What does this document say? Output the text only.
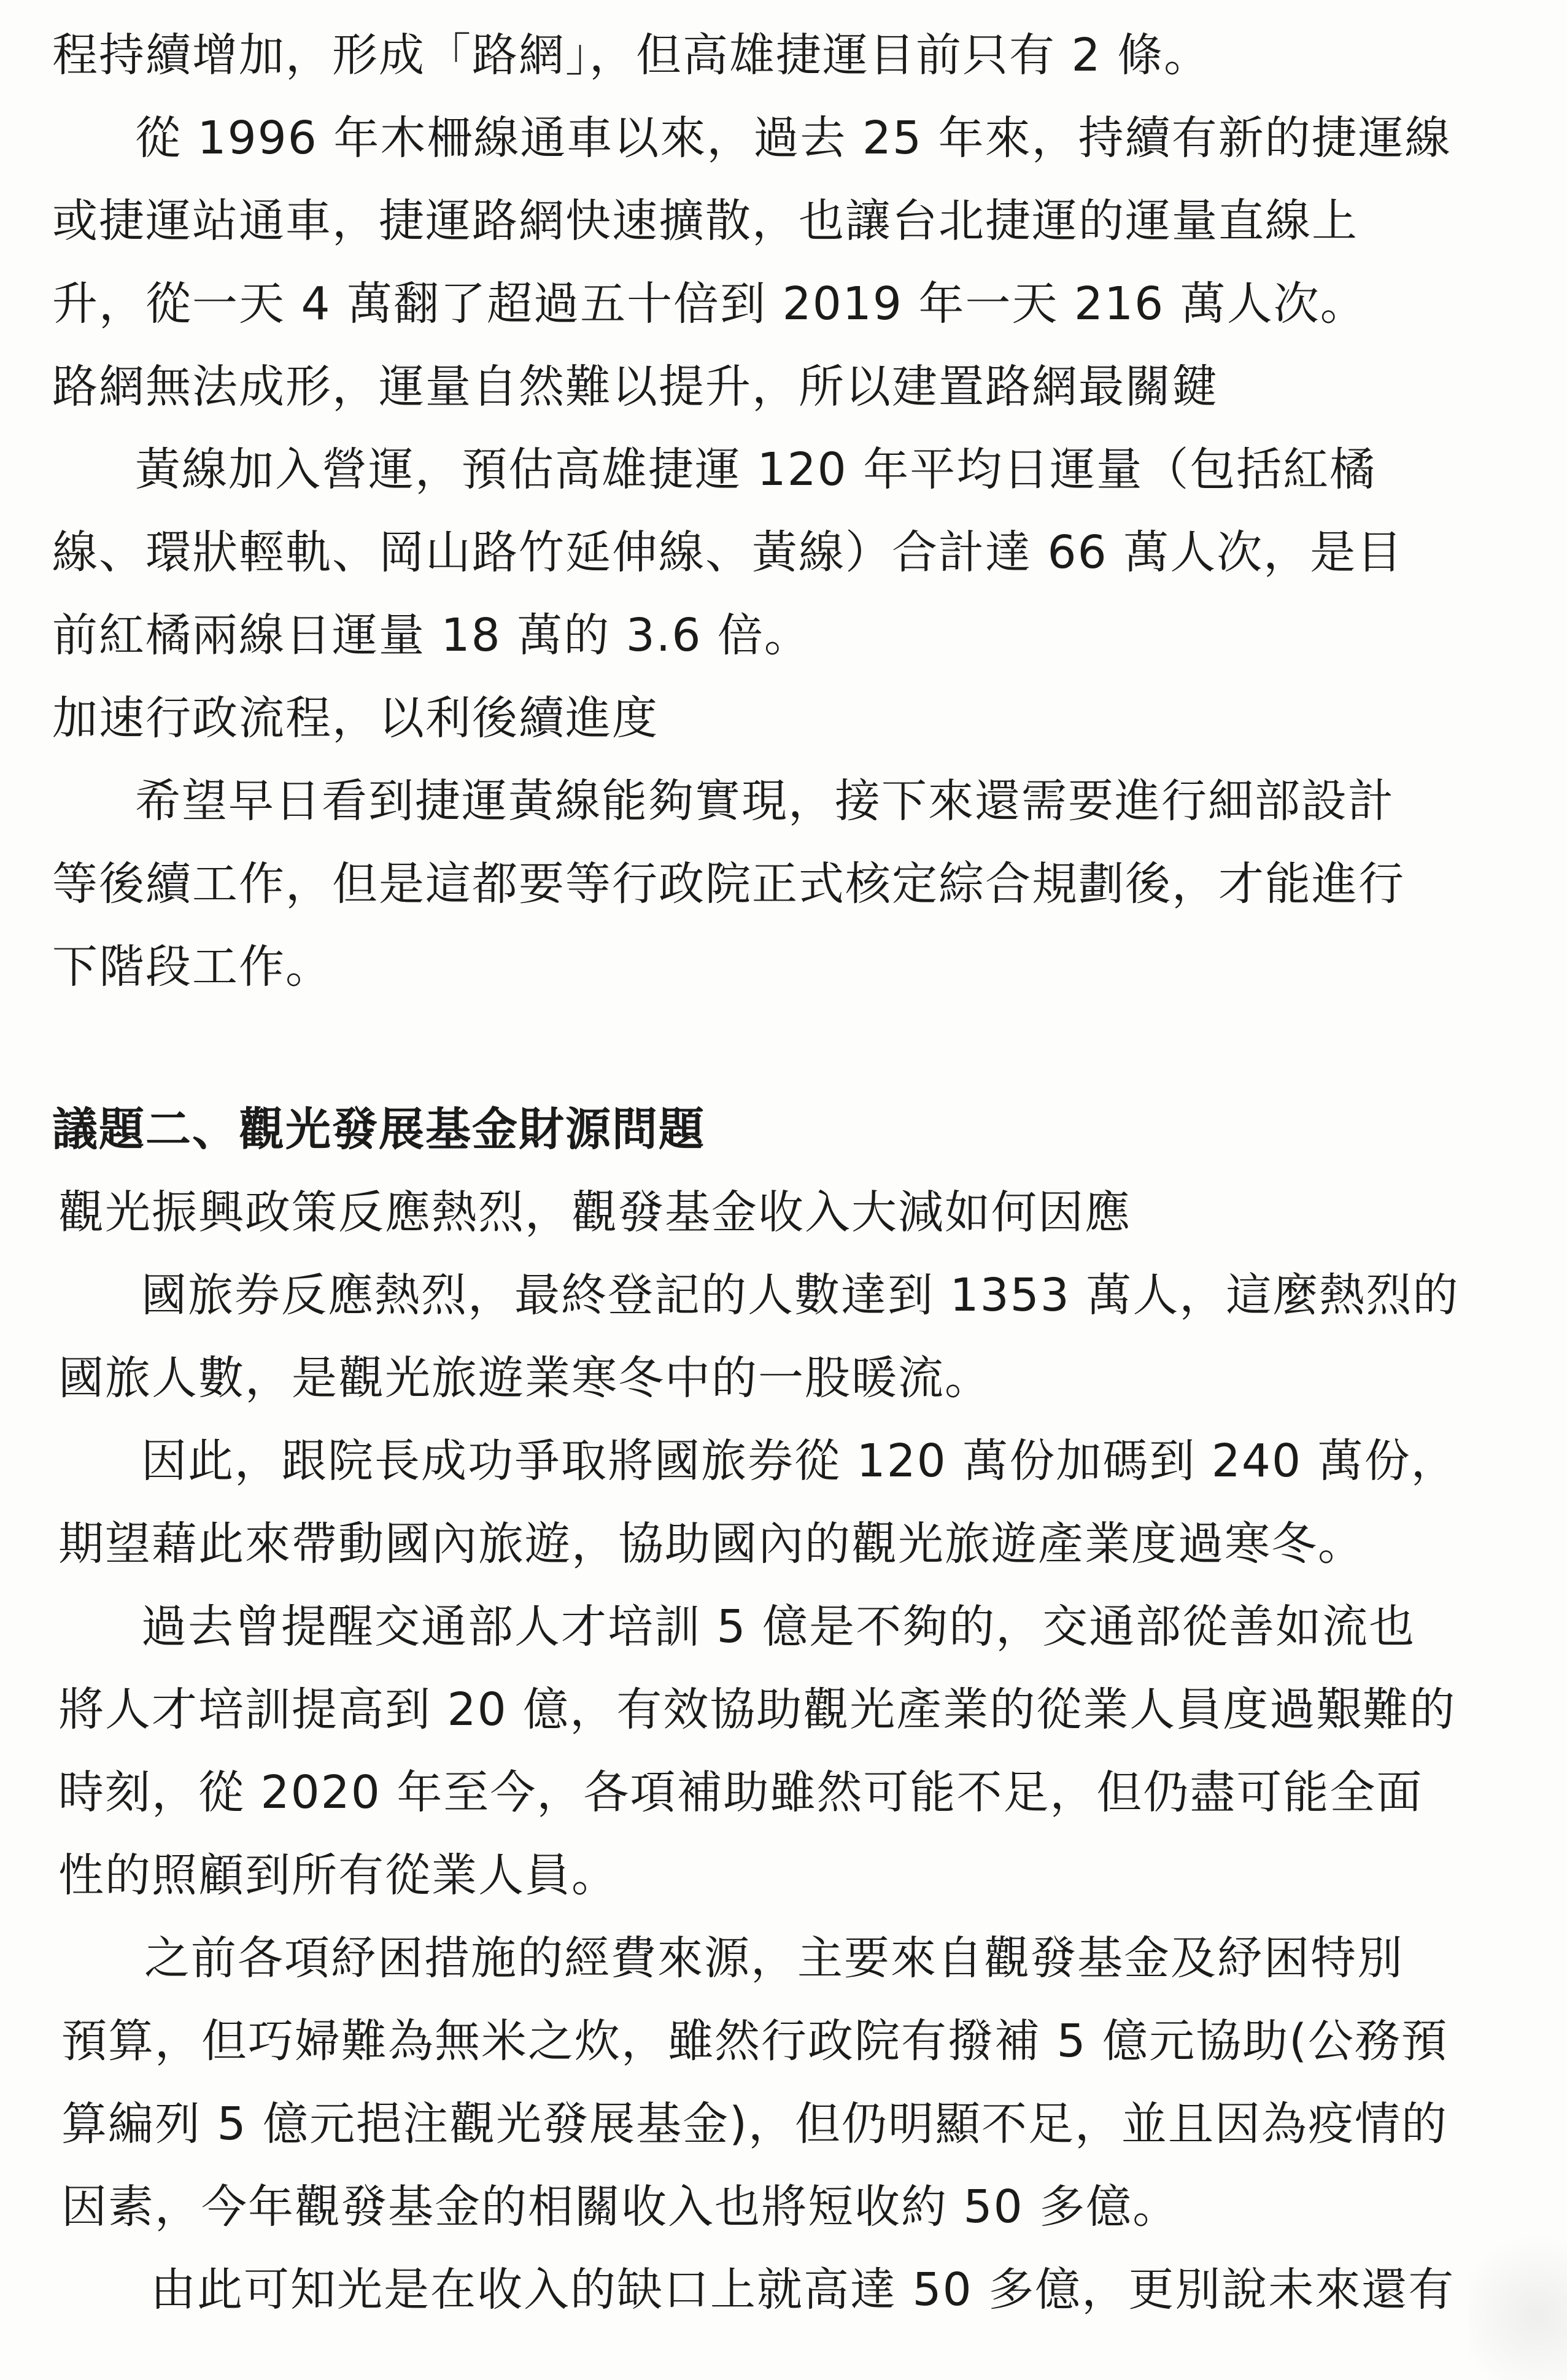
程持續增加，形成「路網」，但高雄捷運目前只有 2 條。
從 1996 年木柵線通車以來，過去 25 年來，持續有新的捷運線
或捷運站通車，捷運路網快速擴散，也讓台北捷運的運量直線上
升，從一天 4 萬翻了超過五十倍到 2019 年一天 216 萬人次。
路網無法成形，運量自然難以提升，所以建置路網最關鍵
黃線加入營運，預估高雄捷運 120 年平均日運量（包括紅橘
線、環狀輕軌、岡山路竹延伸線、黃線）合計達 66 萬人次，是目
前紅橘兩線日運量 18 萬的 3.6 倍。
加速行政流程，以利後續進度
希望早日看到捷運黃線能夠實現，接下來還需要進行細部設計
等後續工作，但是這都要等行政院正式核定綜合規劃後，才能進行
下階段工作。
議題二、觀光發展基金財源問題
觀光振興政策反應熱烈，觀發基金收入大減如何因應
國旅券反應熱烈，最終登記的人數達到 1353 萬人，這麼熱烈的
國旅人數，是觀光旅遊業寒冬中的一股暖流。
因此，跟院長成功爭取將國旅券從 120 萬份加碼到 240 萬份，
期望藉此來帶動國內旅遊，協助國內的觀光旅遊產業度過寒冬。
過去曾提醒交通部人才培訓 5 億是不夠的，交通部從善如流也
將人才培訓提高到 20 億，有效協助觀光產業的從業人員度過艱難的
時刻，從 2020 年至今，各項補助雖然可能不足，但仍盡可能全面
性的照顧到所有從業人員。
之前各項紓困措施的經費來源，主要來自觀發基金及紓困特別
預算，但巧婦難為無米之炊，雖然行政院有撥補 5 億元協助(公務預
算編列 5 億元挹注觀光發展基金)，但仍明顯不足，並且因為疫情的
因素，今年觀發基金的相關收入也將短收約 50 多億。
由此可知光是在收入的缺口上就高達 50 多億，更別說未來還有
